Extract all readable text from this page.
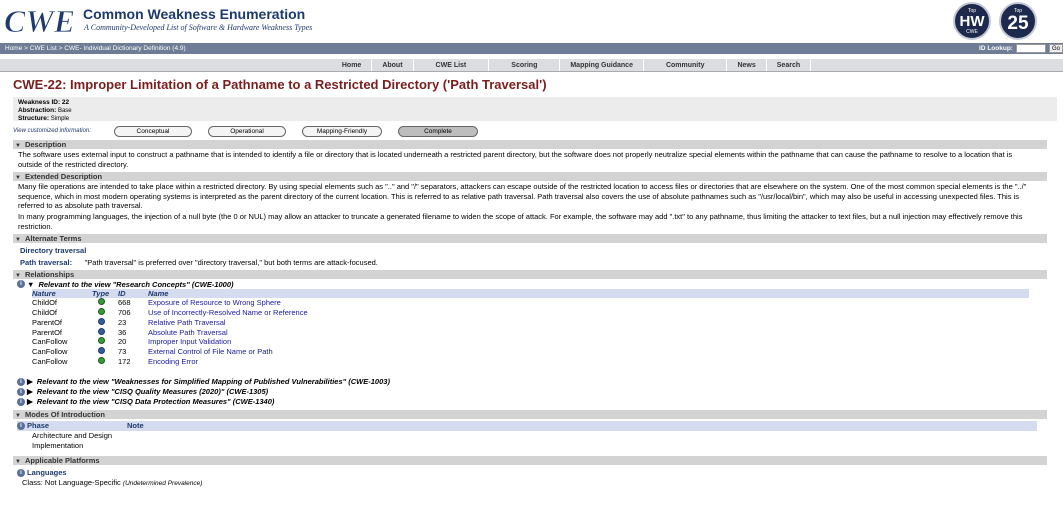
CWE Common Weakness Enumeration
A Community-Developed List of Software & Hardware Weakness Types
Top
HW
CWE
Top
25
Home > CWE List > CWE- Individual Dictionary Definition (4.9)	ID Lookup:	Go
Home	About	CWE List	Scoring	Mapping Guidance	Community	News	Search
CWE-22: Improper Limitation of a Pathname to a Restricted Directory ('Path Traversal')
Weakness ID: 22
Abstraction: Base
Structure: Simple
View customized information:	Conceptual	Operational	Mapping-Friendly	Complete
▼ Description
The software uses external input to construct a pathname that is intended to identify a file or directory that is located underneath a restricted parent directory, but the software does not properly neutralize special elements within the pathname that can cause the pathname to resolve to a location that is outside of the restricted directory.
▼ Extended Description
Many file operations are intended to take place within a restricted directory. By using special elements such as ".." and "/" separators, attackers can escape outside of the restricted location to access files or directories that are elsewhere on the system. One of the most common special elements is the "../" sequence, which in most modern operating systems is interpreted as the parent directory of the current location. This is referred to as relative path traversal. Path traversal also covers the use of absolute pathnames such as "/usr/local/bin", which may also be useful in accessing unexpected files. This is referred to as absolute path traversal.
In many programming languages, the injection of a null byte (the 0 or NUL) may allow an attacker to truncate a generated filename to widen the scope of attack. For example, the software may add ".txt" to any pathname, thus limiting the attacker to text files, but a null injection may effectively remove this restriction.
▼ Alternate Terms
Directory traversal
Path traversal: "Path traversal" is preferred over "directory traversal," but both terms are attack-focused.
▼ Relationships
i ▼ Relevant to the view "Research Concepts" (CWE-1000)
Nature	Type	ID	Name
ChildOf		668	Exposure of Resource to Wrong Sphere
ChildOf		706	Use of Incorrectly-Resolved Name or Reference
ParentOf		23	Relative Path Traversal
ParentOf		36	Absolute Path Traversal
CanFollow		20	Improper Input Validation
CanFollow		73	External Control of File Name or Path
CanFollow		172	Encoding Error
i ▶ Relevant to the view "Weaknesses for Simplified Mapping of Published Vulnerabilities" (CWE-1003)
i ▶ Relevant to the view "CISQ Quality Measures (2020)" (CWE-1305)
i ▶ Relevant to the view "CISQ Data Protection Measures" (CWE-1340)
▼ Modes Of Introduction
i Phase	Note
Architecture and Design
Implementation
▼ Applicable Platforms
i Languages
Class: Not Language-Specific (Undetermined Prevalence)
